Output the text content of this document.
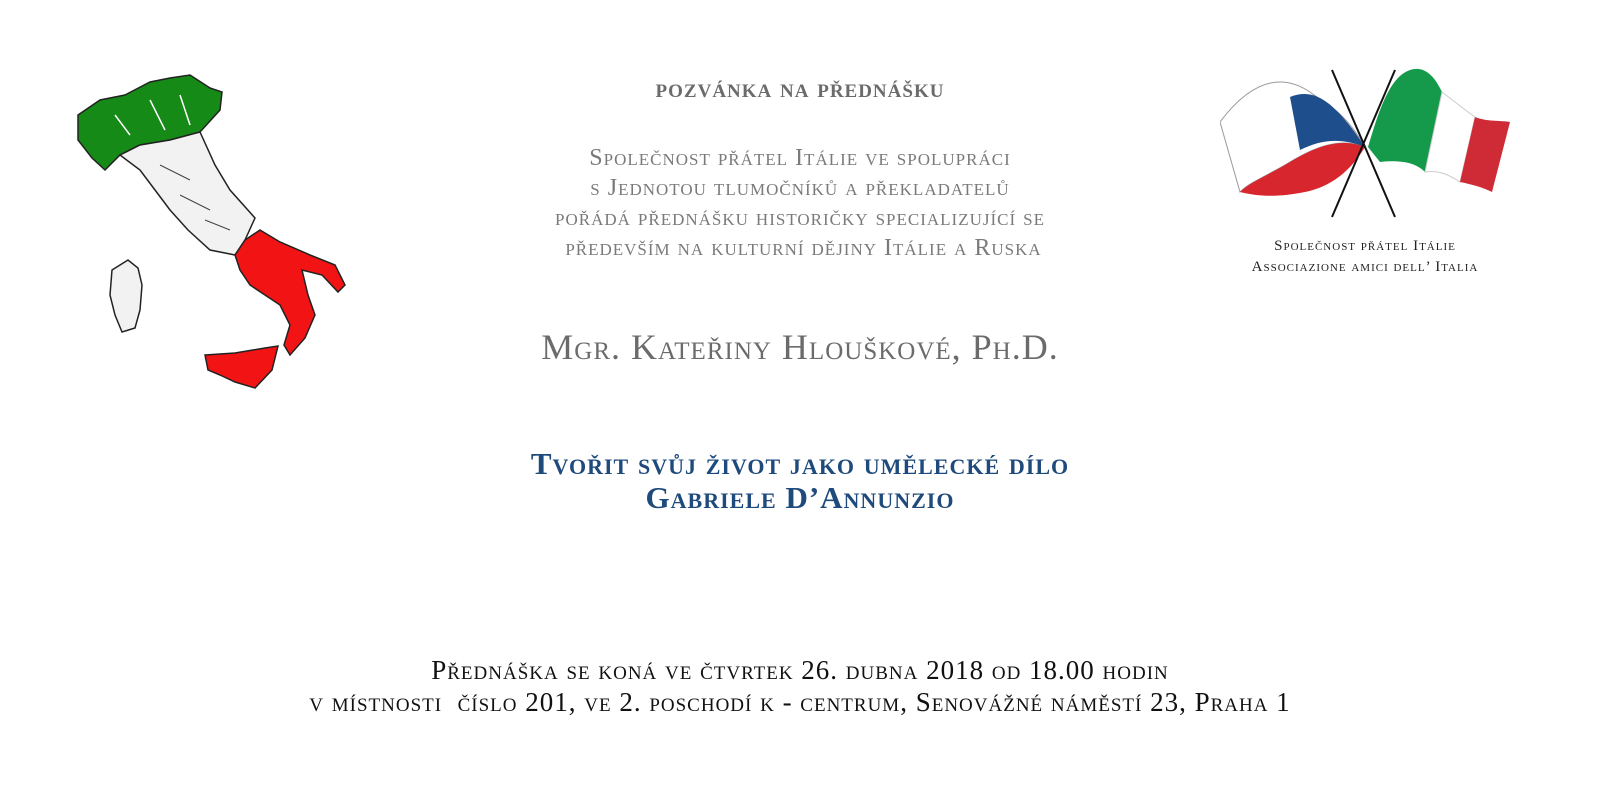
Společnost přátel Itálie
Associazione amici dell’ Italia
pozvánka na přednášku
Společnost přátel Itálie ve spolupráci
s Jednotou tlumočníků a překladatelů
pořádá přednášku historičky specializující se
především na kulturní dějiny Itálie a Ruska
Mgr. Kateřiny Hlouškové, Ph.D.
Tvořit svůj život jako umělecké dílo
Gabriele D’Annunzio
Přednáška se koná ve čtvrtek 26. dubna 2018 od 18.00 hodin
v místnosti  číslo 201, ve 2. poschodí k - centrum, Senovážné náměstí 23, Praha 1
